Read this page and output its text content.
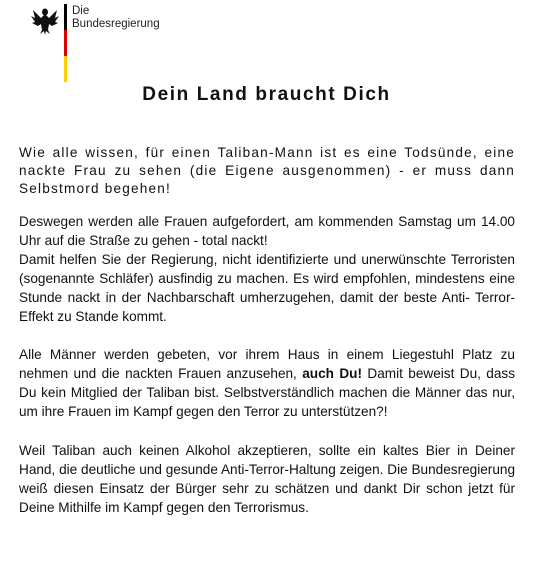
Die
Bundesregierung
Dein Land braucht Dich

Wie alle wissen, für einen Taliban-Mann ist es eine Todsünde, eine nackte Frau zu sehen (die Eigene ausgenommen) - er muss dann Selbstmord begehen!

Deswegen werden alle Frauen aufgefordert, am kommenden Samstag um 14.00 Uhr auf die Straße zu gehen - total nackt!

Damit helfen Sie der Regierung, nicht identifizierte und unerwünschte Terroristen (sogenannte Schläfer) ausfindig zu machen. Es wird empfohlen, mindestens eine Stunde nackt in der Nachbarschaft umherzugehen, damit der beste Anti- Terror-Effekt zu Stande kommt.

Alle Männer werden gebeten, vor ihrem Haus in einem Liegestuhl Platz zu nehmen und die nackten Frauen anzusehen, auch Du! Damit beweist Du, dass Du kein Mitglied der Taliban bist. Selbstverständlich machen die Männer das nur, um ihre Frauen im Kampf gegen den Terror zu unterstützen?!

Weil Taliban auch keinen Alkohol akzeptieren, sollte ein kaltes Bier in Deiner Hand, die deutliche und gesunde Anti-Terror-Haltung zeigen. Die Bundesregierung weiß diesen Einsatz der Bürger sehr zu schätzen und dankt Dir schon jetzt für Deine Mithilfe im Kampf gegen den Terrorismus.
